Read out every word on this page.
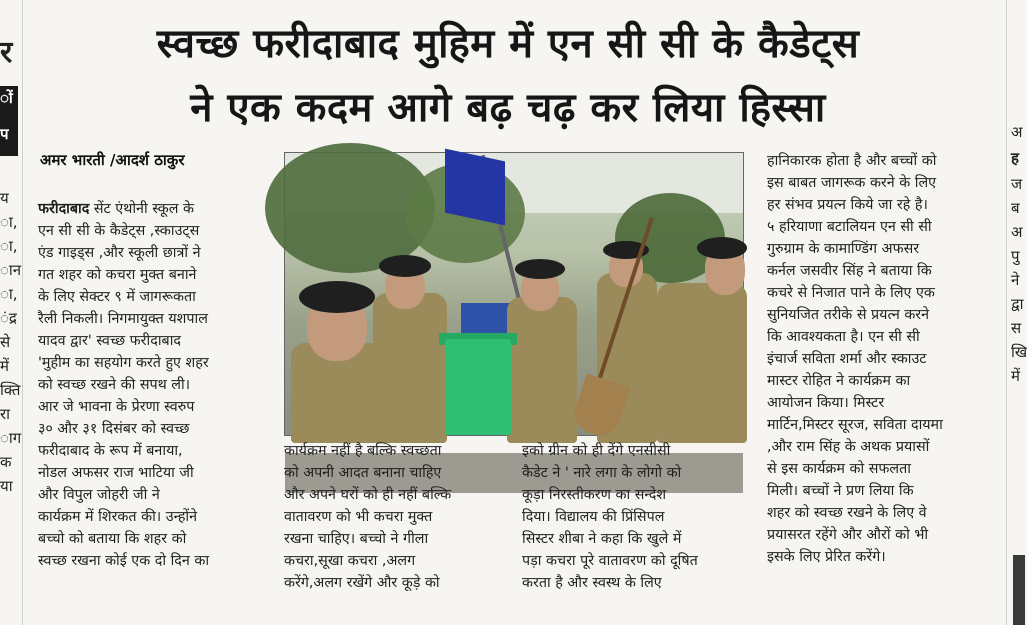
र
ों
प
य
ा,
ा,
ान
ा,
ंद्र
से
में
क्ति
रा
ाग
क
या
अ
ह
ज
ब
अ
पु
ने
द्वा
स
खि
में
स्वच्छ फरीदाबाद मुहिम में एन सी सी के कैडेट्स
ने एक कदम आगे बढ़ चढ़ कर लिया हिस्सा
अमर भारती /आदर्श ठाकुर
फरीदाबाद सेंट एंथोनी स्कूल के
एन सी सी के कैडेट्स ,स्काउट्स
एंड गाइड्स ,और स्कूली छात्रों ने
गत शहर को कचरा मुक्त बनाने
के लिए सेक्टर ९ में जागरूकता
रैली निकली। निगमायुक्त यशपाल
यादव द्वार' स्वच्छ फरीदाबाद
'मुहीम का सहयोग करते हुए शहर
को स्वच्छ रखने की सपथ ली।
आर जे भावना के प्रेरणा स्वरुप
३० और ३१ दिसंबर को स्वच्छ
फरीदाबाद के रूप में बनाया,
नोडल अफसर राज भाटिया जी
और विपुल जोहरी जी ने
कार्यक्रम में शिरकत की। उन्होंने
बच्चो को बताया कि शहर को
स्वच्छ रखना कोई एक दो दिन का
कार्यक्रम नहीं है बल्कि स्वच्छता
को अपनी आदत बनाना चाहिए
और अपने घरों को ही नहीं बल्कि
वातावरण को भी कचरा मुक्त
रखना चाहिए। बच्चो ने गीला
कचरा,सूखा कचरा ,अलग
करेंगे,अलग रखेंगे और कूड़े को
इको ग्रीन को ही देंगे एनसीसी
कैडेट ने ' नारे लगा के लोगो को
कूड़ा निरस्तीकरण का सन्देश
दिया। विद्यालय की प्रिंसिपल
सिस्टर शीबा ने कहा कि खुले में
पड़ा कचरा पूरे वातावरण को दूषित
करता है और स्वस्थ के लिए
हानिकारक होता है और बच्चों को
इस बाबत जागरूक करने के लिए
हर संभव प्रयत्न किये जा रहे है।
५ हरियाणा बटालियन एन सी सी
गुरुग्राम के कामाण्डिंग अफसर
कर्नल जसवीर सिंह ने बताया कि
कचरे से निजात पाने के लिए एक
सुनियजित तरीके से प्रयत्न करने
कि आवश्यकता है। एन सी सी
इंचार्ज सविता शर्मा और स्काउट
मास्टर रोहित ने कार्यक्रम का
आयोजन किया। मिस्टर
मार्टिन,मिस्टर सूरज, सविता दायमा
,और राम सिंह के अथक प्रयासों
से इस कार्यक्रम को सफलता
मिली। बच्चों ने प्रण लिया कि
शहर को स्वच्छ रखने के लिए वे
प्रयासरत रहेंगे और औरों को भी
इसके लिए प्रेरित करेंगे।
